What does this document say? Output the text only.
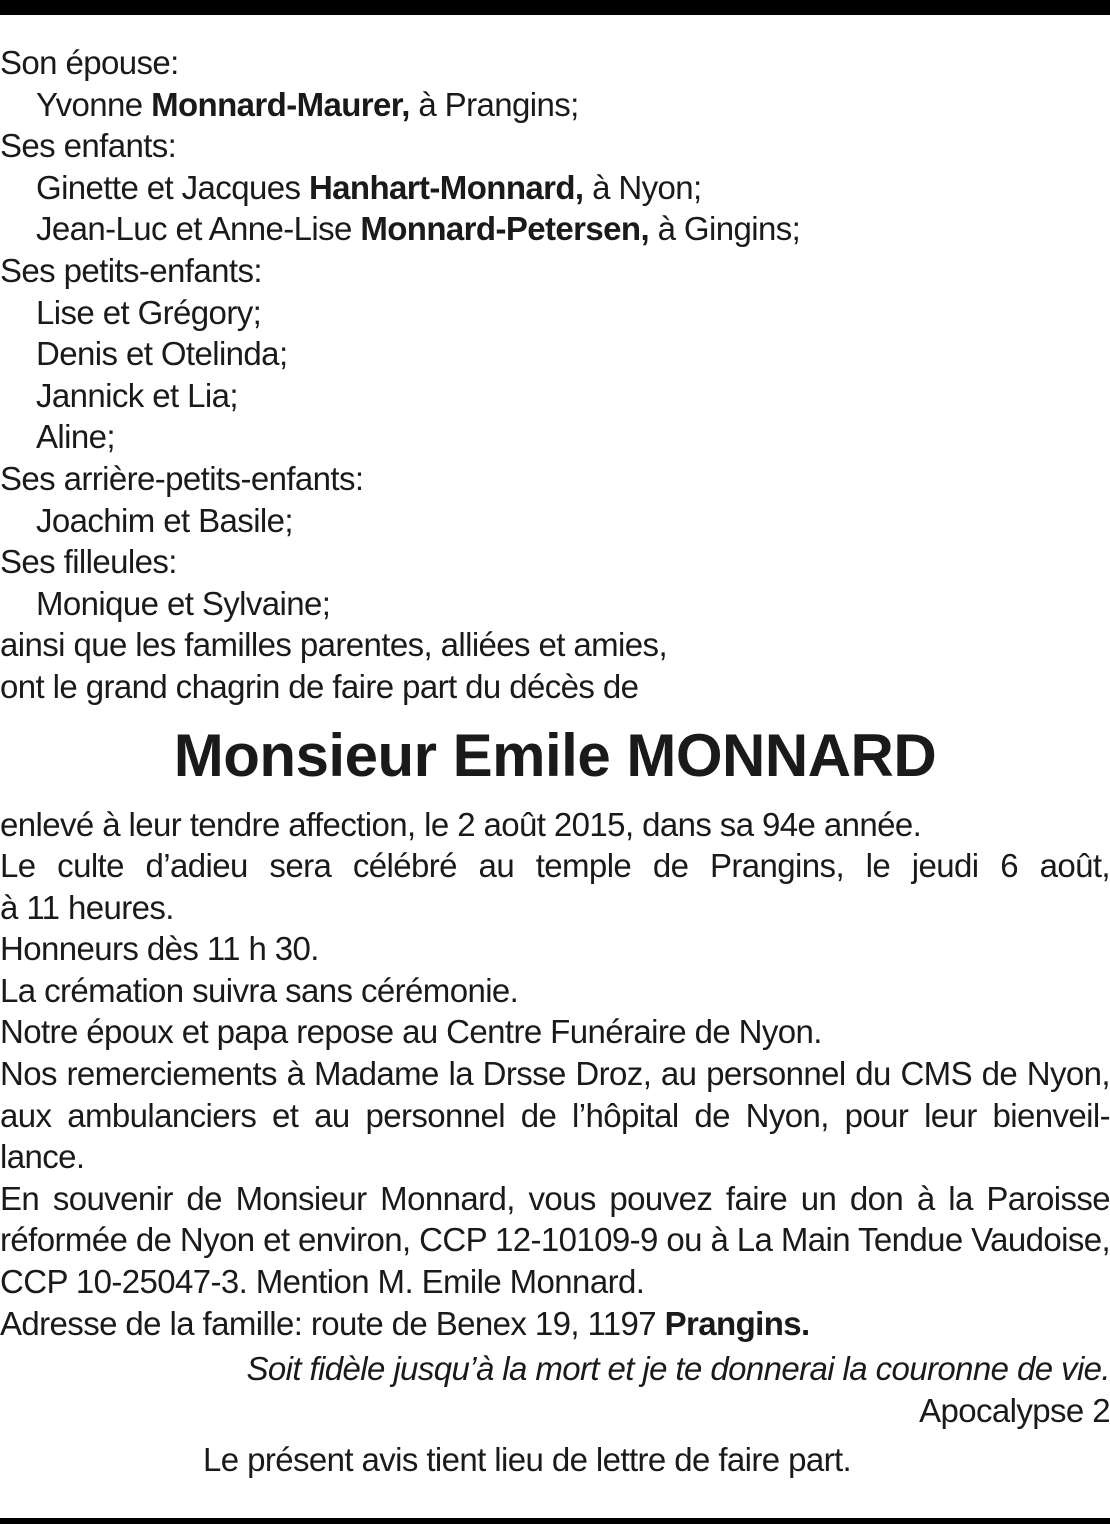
Son épouse:
Yvonne Monnard-Maurer, à Prangins;
Ses enfants:
Ginette et Jacques Hanhart-Monnard, à Nyon;
Jean-Luc et Anne-Lise Monnard-Petersen, à Gingins;
Ses petits-enfants:
Lise et Grégory;
Denis et Otelinda;
Jannick et Lia;
Aline;
Ses arrière-petits-enfants:
Joachim et Basile;
Ses filleules:
Monique et Sylvaine;
ainsi que les familles parentes, alliées et amies,
ont le grand chagrin de faire part du décès de
Monsieur Emile MONNARD
enlevé à leur tendre affection, le 2 août 2015, dans sa 94e année.
Le culte d’adieu sera célébré au temple de Prangins, le jeudi 6 août,
à 11 heures.
Honneurs dès 11 h 30.
La crémation suivra sans cérémonie.
Notre époux et papa repose au Centre Funéraire de Nyon.
Nos remerciements à Madame la Drsse Droz, au personnel du CMS de Nyon,
aux ambulanciers et au personnel de l’hôpital de Nyon, pour leur bienveil-
lance.
En souvenir de Monsieur Monnard, vous pouvez faire un don à la Paroisse
réformée de Nyon et environ, CCP 12-10109-9 ou à La Main Tendue Vaudoise,
CCP 10-25047-3. Mention M. Emile Monnard.
Adresse de la famille: route de Benex 19, 1197 Prangins.
Soit fidèle jusqu’à la mort et je te donnerai la couronne de vie.
Apocalypse 2
Le présent avis tient lieu de lettre de faire part.
